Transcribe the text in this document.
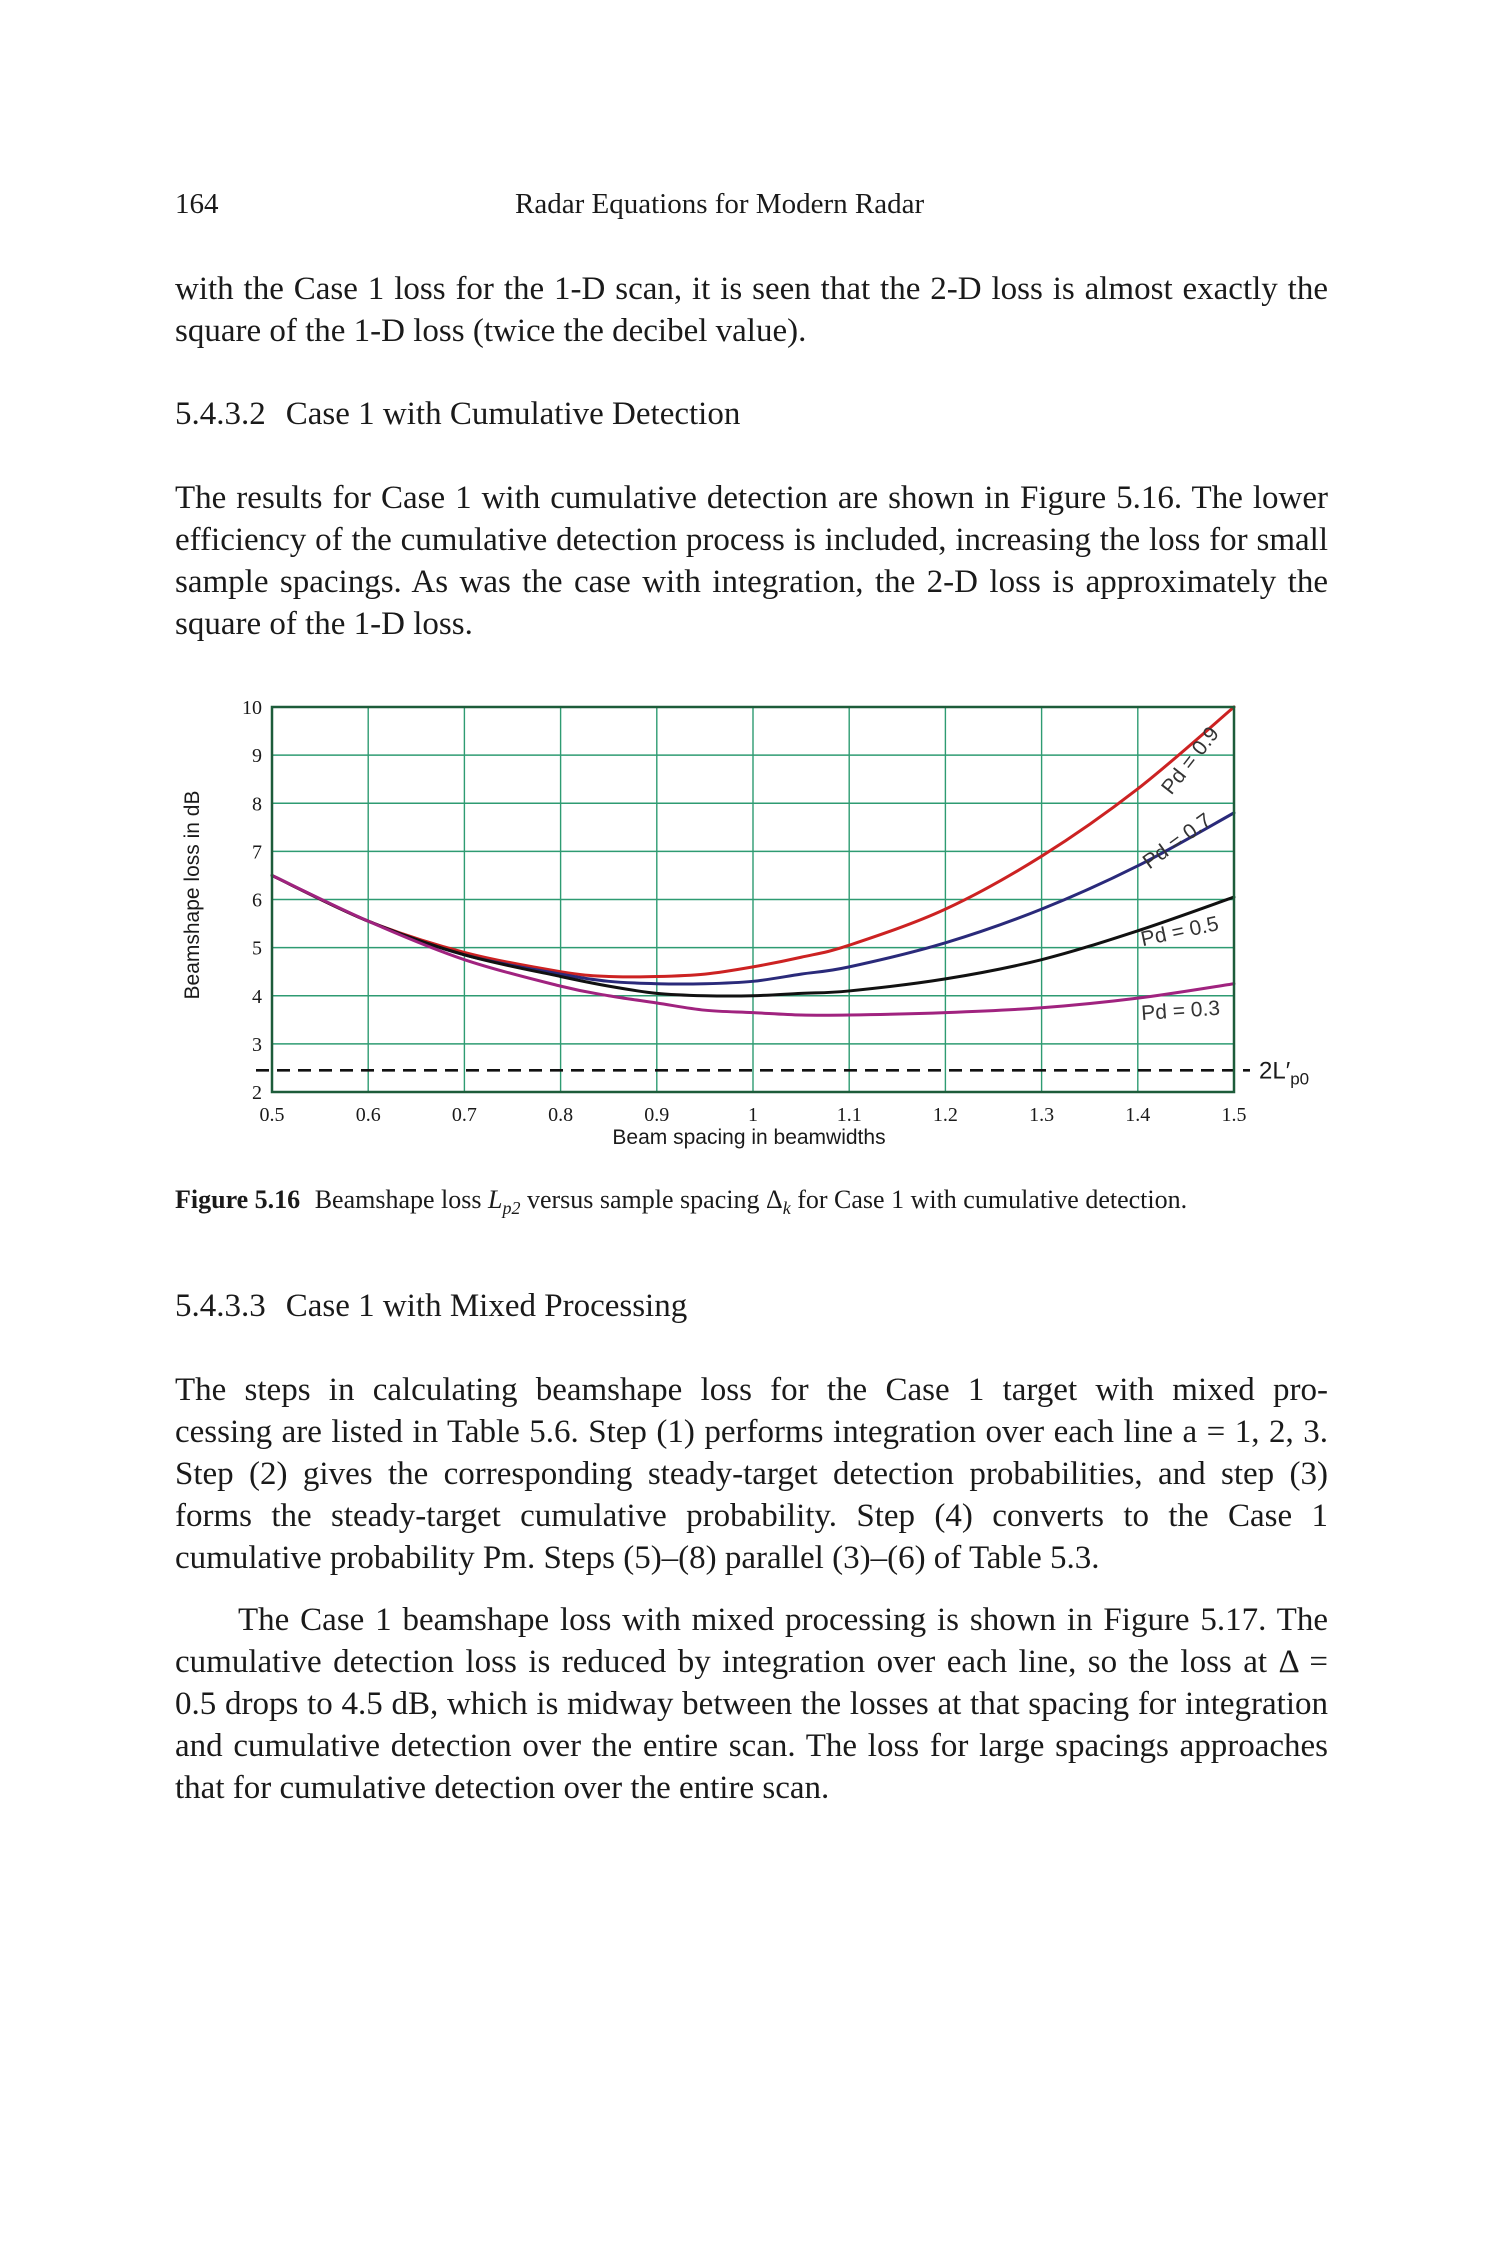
164	Radar Equations for Modern Radar

with the Case 1 loss for the 1-D scan, it is seen that the 2-D loss is almost exactly the square of the 1-D loss (twice the decibel value).

5.4.3.2 Case 1 with Cumulative Detection

The results for Case 1 with cumulative detection are shown in Figure 5.16. The lower efficiency of the cumulative detection process is included, increasing the loss for small sample spacings. As was the case with integration, the 2-D loss is approximately the square of the 1-D loss.

$2L'_{p0}$
0.5	0.6	0.7	0.8	0.9	1	1.1	1.2	1.3	1.4	1.5
2
3
4
5
6
7
8
9
10
Pd = 0.9
Pd = 0.7
Pd = 0.5
Pd = 0.3
Beam spacing in beamwidths
Beamshape loss in dB

Figure 5.16 Beamshape loss $L_{p2}$ versus sample spacing $\Delta_k$ for Case 1 with cumulative detection.

5.4.3.3 Case 1 with Mixed Processing

The steps in calculating beamshape loss for the Case 1 target with mixed pro-

cessing are listed in Table 5.6. Step (1) performs integration over each line a = 1, 2, 3. Step (2) gives the corresponding steady-target detection probabilities, and step (3) forms the steady-target cumulative probability. Step (4) converts to the Case 1 cumulative probability Pm. Steps (5)–(8) parallel (3)–(6) of Table 5.3.

The Case 1 beamshape loss with mixed processing is shown in Figure 5.17. The cumulative detection loss is reduced by integration over each line, so the loss at Δ = 0.5 drops to 4.5 dB, which is midway between the losses at that spacing for integration and cumulative detection over the entire scan. The loss for large spacings approaches that for cumulative detection over the entire scan.
